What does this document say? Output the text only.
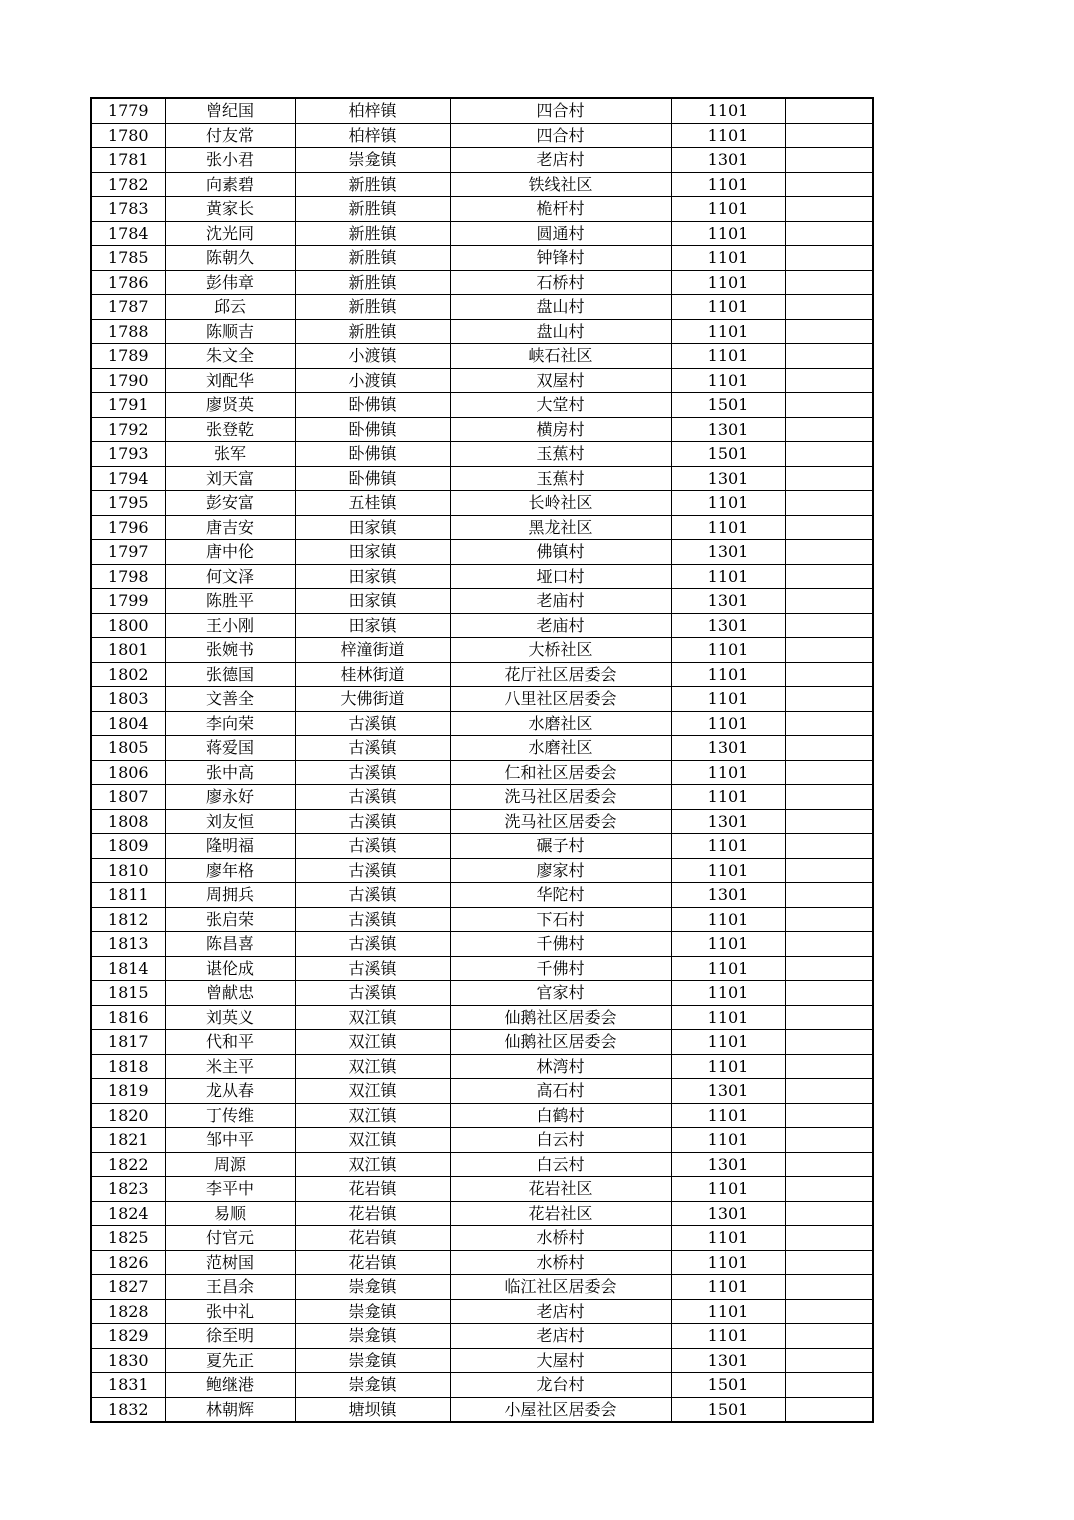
1779	曾纪国	柏梓镇	四合村	1101	
1780	付友常	柏梓镇	四合村	1101	
1781	张小君	崇龛镇	老店村	1301	
1782	向素碧	新胜镇	铁线社区	1101	
1783	黄家长	新胜镇	桅杆村	1101	
1784	沈光同	新胜镇	圆通村	1101	
1785	陈朝久	新胜镇	钟锋村	1101	
1786	彭伟章	新胜镇	石桥村	1101	
1787	邱云	新胜镇	盘山村	1101	
1788	陈顺吉	新胜镇	盘山村	1101	
1789	朱文全	小渡镇	峡石社区	1101	
1790	刘配华	小渡镇	双屋村	1101	
1791	廖贤英	卧佛镇	大堂村	1501	
1792	张登乾	卧佛镇	横房村	1301	
1793	张军	卧佛镇	玉蕉村	1501	
1794	刘天富	卧佛镇	玉蕉村	1301	
1795	彭安富	五桂镇	长岭社区	1101	
1796	唐吉安	田家镇	黑龙社区	1101	
1797	唐中伦	田家镇	佛镇村	1301	
1798	何文泽	田家镇	垭口村	1101	
1799	陈胜平	田家镇	老庙村	1301	
1800	王小刚	田家镇	老庙村	1301	
1801	张婉书	梓潼街道	大桥社区	1101	
1802	张德国	桂林街道	花厅社区居委会	1101	
1803	文善全	大佛街道	八里社区居委会	1101	
1804	李向荣	古溪镇	水磨社区	1101	
1805	蒋爱国	古溪镇	水磨社区	1301	
1806	张中高	古溪镇	仁和社区居委会	1101	
1807	廖永好	古溪镇	洗马社区居委会	1101	
1808	刘友恒	古溪镇	洗马社区居委会	1301	
1809	隆明福	古溪镇	碾子村	1101	
1810	廖年格	古溪镇	廖家村	1101	
1811	周拥兵	古溪镇	华陀村	1301	
1812	张启荣	古溪镇	下石村	1101	
1813	陈昌喜	古溪镇	千佛村	1101	
1814	谌伦成	古溪镇	千佛村	1101	
1815	曾献忠	古溪镇	官家村	1101	
1816	刘英义	双江镇	仙鹅社区居委会	1101	
1817	代和平	双江镇	仙鹅社区居委会	1101	
1818	米主平	双江镇	林湾村	1101	
1819	龙从春	双江镇	高石村	1301	
1820	丁传维	双江镇	白鹤村	1101	
1821	邹中平	双江镇	白云村	1101	
1822	周源	双江镇	白云村	1301	
1823	李平中	花岩镇	花岩社区	1101	
1824	易顺	花岩镇	花岩社区	1301	
1825	付官元	花岩镇	水桥村	1101	
1826	范树国	花岩镇	水桥村	1101	
1827	王昌余	崇龛镇	临江社区居委会	1101	
1828	张中礼	崇龛镇	老店村	1101	
1829	徐至明	崇龛镇	老店村	1101	
1830	夏先正	崇龛镇	大屋村	1301	
1831	鲍继港	崇龛镇	龙台村	1501	
1832	林朝辉	塘坝镇	小屋社区居委会	1501	
